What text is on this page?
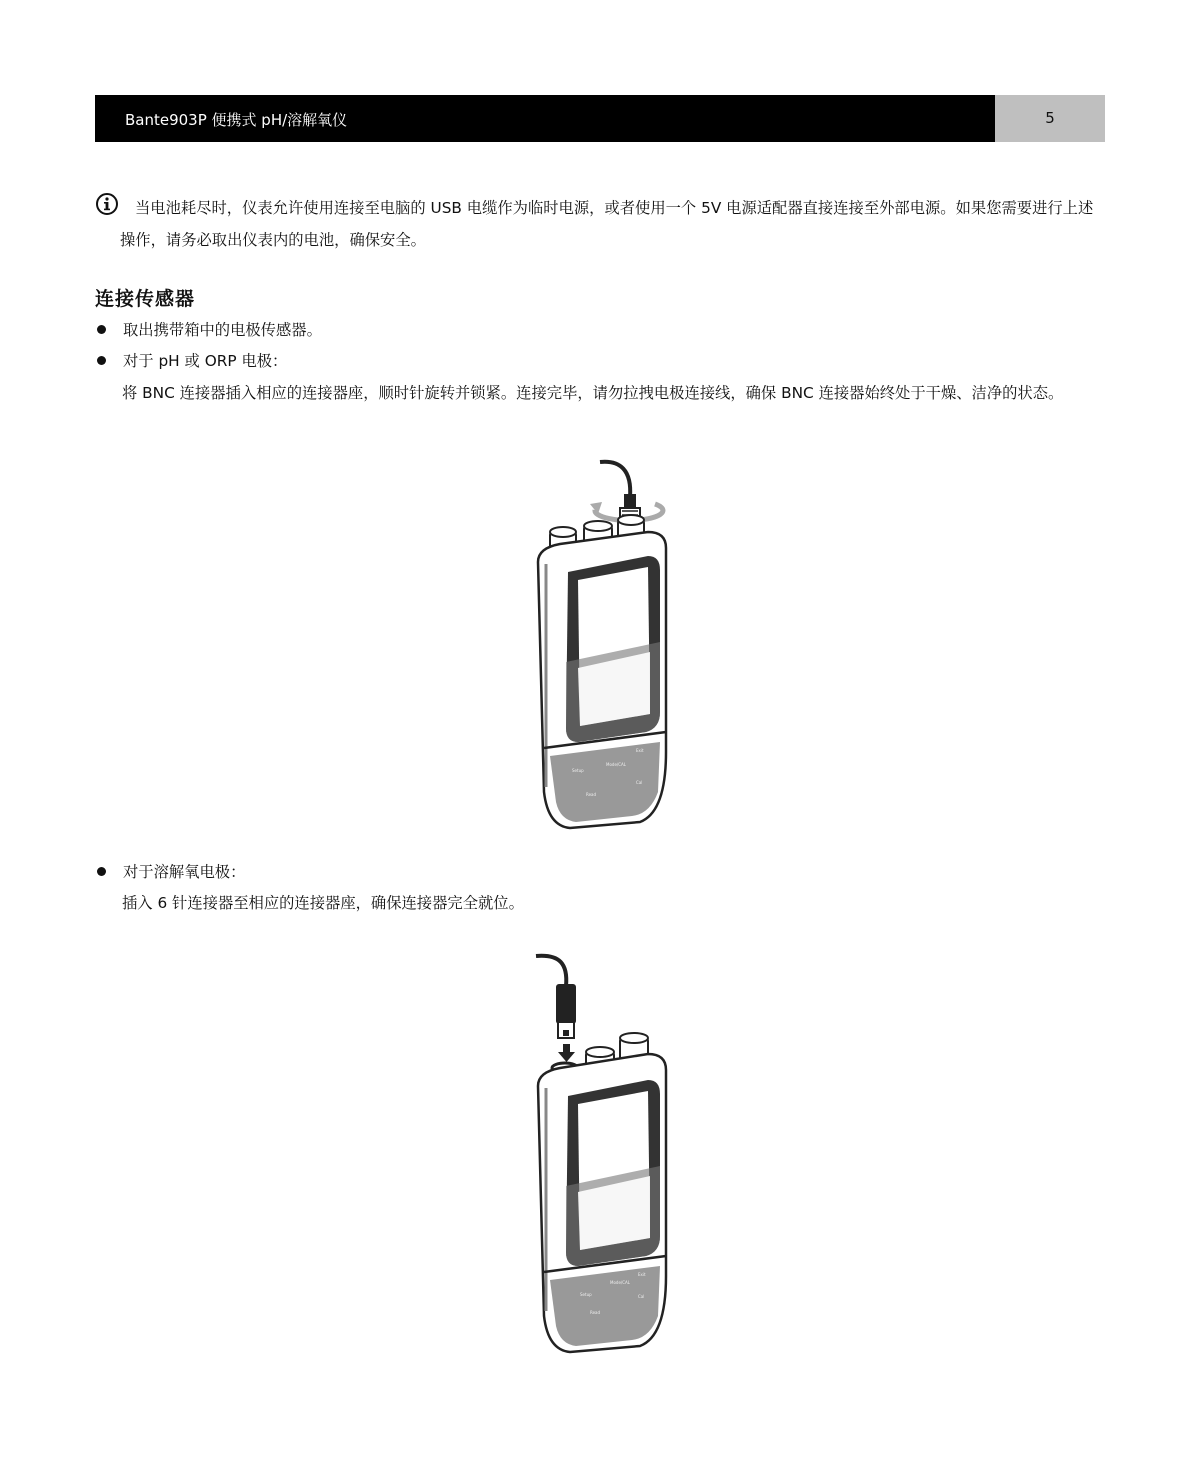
Bante903P 便携式 pH/溶解氧仪	5
当电池耗尽时，仪表允许使用连接至电脑的 USB 电缆作为临时电源，或者使用一个 5V 电源适配器直接连接至外部电源。如果您需要进行上述操作，请务必取出仪表内的电池，确保安全。
连接传感器
取出携带箱中的电极传感器。
对于 pH 或 ORP 电极：
将 BNC 连接器插入相应的连接器座，顺时针旋转并锁紧。连接完毕，请勿拉拽电极连接线，确保 BNC 连接器始终处于干燥、洁净的状态。
Setup
Mode/CAL
Exit
Read
Cal
对于溶解氧电极：
插入 6 针连接器至相应的连接器座，确保连接器完全就位。
Setup
Mode/CAL
Exit
Read
Cal
